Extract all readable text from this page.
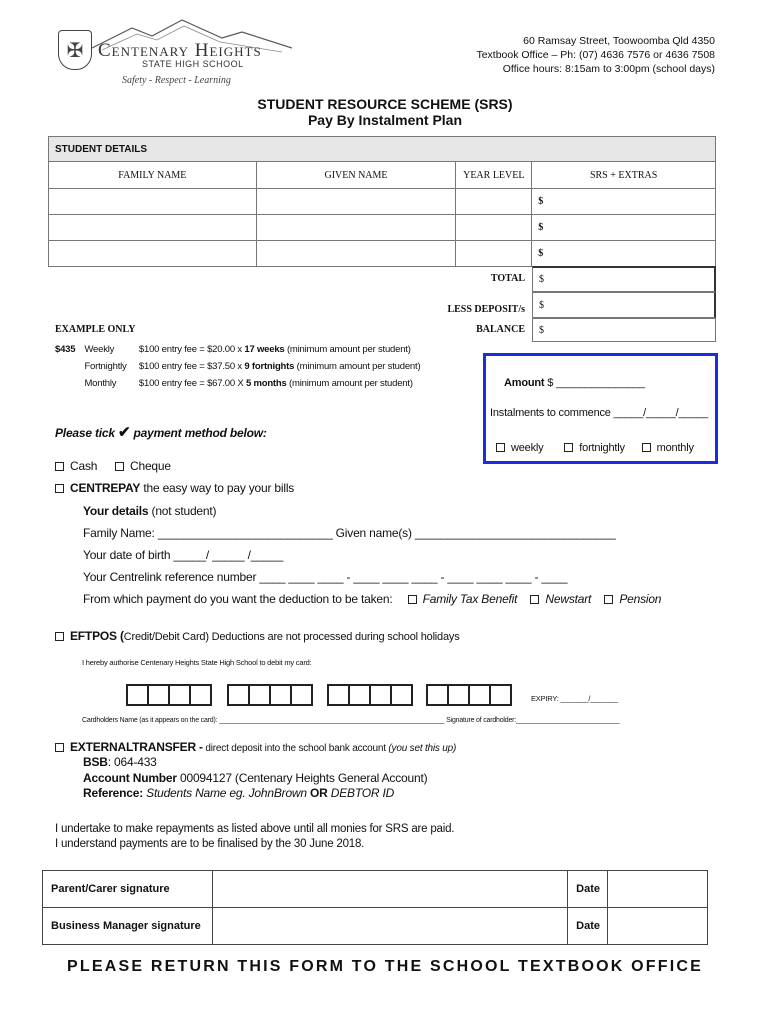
✠ Centenary Heights
STATE HIGH SCHOOL
Safety - Respect - Learning
60 Ramsay Street, Toowoomba Qld 4350
Textbook Office – Ph: (07) 4636 7576 or 4636 7508
Office hours: 8:15am to 3:00pm (school days)
STUDENT RESOURCE SCHEME (SRS)
Pay By Instalment Plan
STUDENT DETAILS			
FAMILY NAME	GIVEN NAME	YEAR LEVEL	SRS + EXTRAS
			$
			$
			$
TOTAL	$
LESS DEPOSIT/s	$
BALANCE	$
EXAMPLE ONLY
$435 Weekly	$100 entry fee = $20.00 x 17 weeks (minimum amount per student)
Fortnightly $100 entry fee = $37.50 x 9 fortnights (minimum amount per student)
Monthly $100 entry fee = $67.00 X 5 months (minimum amount per student)	Amount $ _______________
Instalments to commence _____/_____/_____
weekly	fortnightly	monthly
Please tick ✔ payment method below:
Cash	Cheque
CENTREPAY the easy way to pay your bills
Your details (not student)
Family Name: ___________________________ Given name(s) _______________________________
Your date of birth _____/ _____ /_____
Your Centrelink reference number ____ ____ ____ - ____ ____ ____ - ____ ____ ____ - ____
From which payment do you want the deduction to be taken:	Family Tax Benefit Newstart Pension
EFTPOS (Credit/Debit Card) Deductions are not processed during school holidays
I hereby authorise Centenary Heights State High School to debit my card:
EXPIRY: _______/_______
Cardholders Name (as it appears on the card): _____________________________________________________________ Signature of cardholder:____________________________
EXTERNALTRANSFER - direct deposit into the school bank account (you set this up)
BSB: 064-433
Account Number 00094127 (Centenary Heights General Account)
Reference: Students Name eg. JohnBrown OR DEBTOR ID
I undertake to make repayments as listed above until all monies for SRS are paid.
I understand payments are to be finalised by the 30 June 2018.
Parent/Carer signature		Date	
Business Manager signature		Date	
PLEASE RETURN THIS FORM TO THE SCHOOL TEXTBOOK OFFICE
